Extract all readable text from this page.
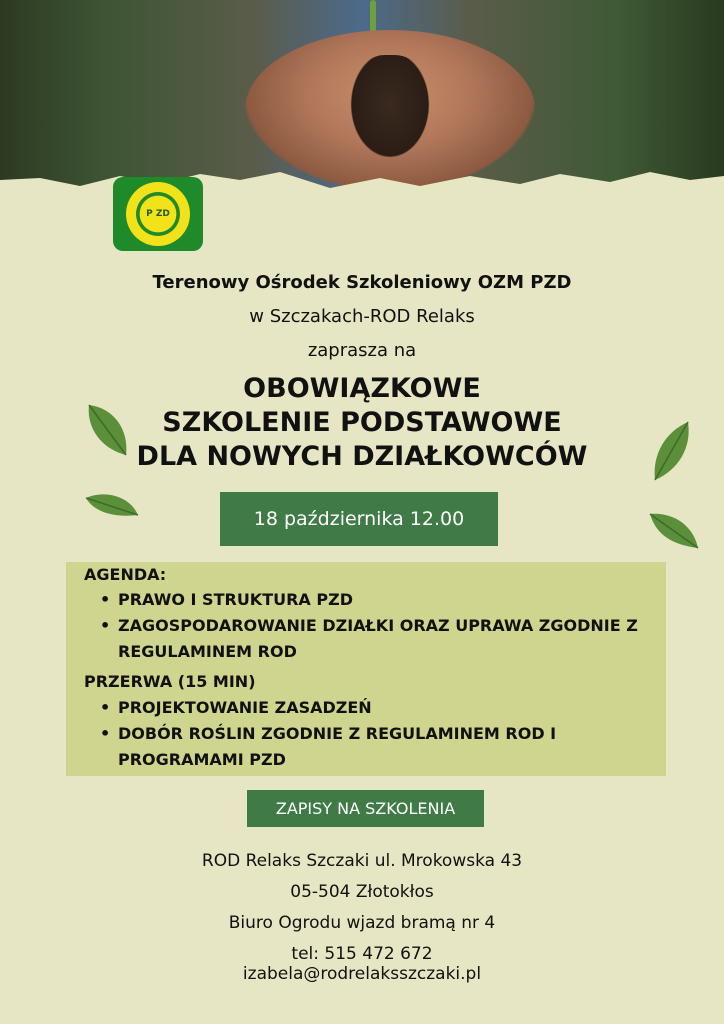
P
Z D
Terenowy Ośrodek Szkoleniowy OZM PZD
w Szczakach-ROD Relaks
zaprasza na
OBOWIĄZKOWE
SZKOLENIE PODSTAWOWE
DLA NOWYCH DZIAŁKOWCÓW
18 października 12.00
AGENDA:
• PRAWO I STRUKTURA PZD
• ZAGOSPODAROWANIE DZIAŁKI ORAZ UPRAWA ZGODNIE Z REGULAMINEM ROD
PRZERWA (15 MIN)
• PROJEKTOWANIE ZASADZEŃ
• DOBÓR ROŚLIN ZGODNIE Z REGULAMINEM ROD I PROGRAMAMI PZD
ZAPISY NA SZKOLENIA
ROD Relaks Szczaki ul. Mrokowska 43
05-504 Złotokłos
Biuro Ogrodu wjazd bramą nr 4
tel: 515 472 672
izabela@rodrelaksszczaki.pl
